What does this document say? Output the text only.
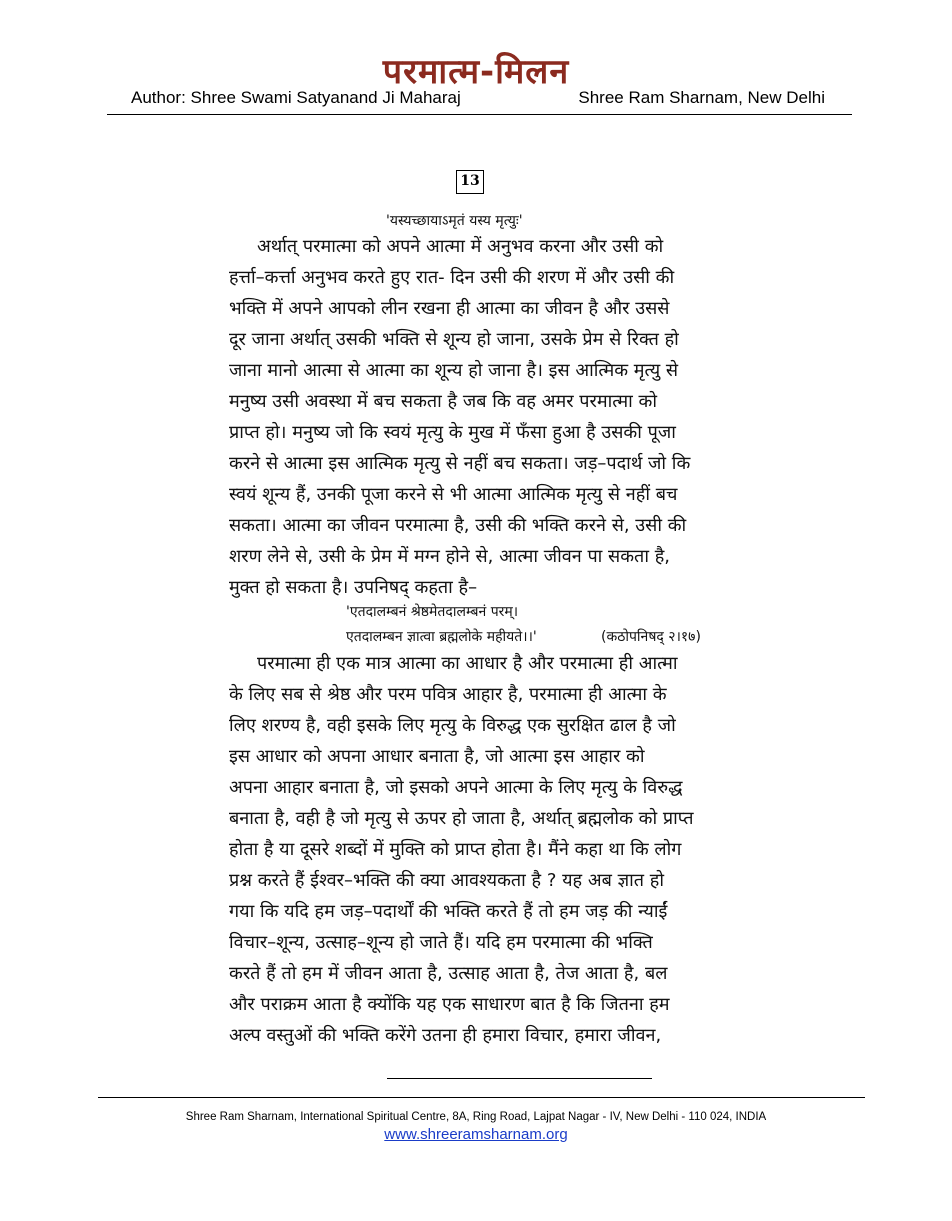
परमात्म-मिलन
Author: Shree Swami Satyanand Ji Maharaj	Shree Ram Sharnam, New Delhi
13
'यस्यच्छायाऽमृतं यस्य मृत्युः'
अर्थात् परमात्मा को अपने आत्मा में अनुभव करना और उसी को
हर्त्ता–कर्त्ता अनुभव करते हुए रात- दिन उसी की शरण में और उसी की
भक्ति में अपने आपको लीन रखना ही आत्मा का जीवन है और उससे
दूर जाना अर्थात् उसकी भक्ति से शून्य हो जाना, उसके प्रेम से रिक्त हो
जाना मानो आत्मा से आत्मा का शून्य हो जाना है। इस आत्मिक मृत्यु से
मनुष्य उसी अवस्था में बच सकता है जब कि वह अमर परमात्मा को
प्राप्त हो। मनुष्य जो कि स्वयं मृत्यु के मुख में फँसा हुआ है उसकी पूजा
करने से आत्मा इस आत्मिक मृत्यु से नहीं बच सकता। जड़–पदार्थ जो कि
स्वयं शून्य हैं, उनकी पूजा करने से भी आत्मा आत्मिक मृत्यु से नहीं बच
सकता। आत्मा का जीवन परमात्मा है, उसी की भक्ति करने से, उसी की
शरण लेने से, उसी के प्रेम में मग्न होने से, आत्मा जीवन पा सकता है,
मुक्त हो सकता है। उपनिषद् कहता है–
'एतदालम्बनं श्रेष्ठमेतदालम्बनं परम्।
एतदालम्बन ज्ञात्वा ब्रह्मलोके महीयते।।'	(कठोपनिषद् २।१७)
परमात्मा ही एक मात्र आत्मा का आधार है और परमात्मा ही आत्मा
के लिए सब से श्रेष्ठ और परम पवित्र आहार है, परमात्मा ही आत्मा के
लिए शरण्य है, वही इसके लिए मृत्यु के विरुद्ध एक सुरक्षित ढाल है जो
इस आधार को अपना आधार बनाता है, जो आत्मा इस आहार को
अपना आहार बनाता है, जो इसको अपने आत्मा के लिए मृत्यु के विरुद्ध
बनाता है, वही है जो मृत्यु से ऊपर हो जाता है, अर्थात् ब्रह्मलोक को प्राप्त
होता है या दूसरे शब्दों में मुक्ति को प्राप्त होता है। मैंने कहा था कि लोग
प्रश्न करते हैं ईश्वर–भक्ति की क्या आवश्यकता है ? यह अब ज्ञात हो
गया कि यदि हम जड़–पदार्थों की भक्ति करते हैं तो हम जड़ की न्याईं
विचार–शून्य, उत्साह–शून्य हो जाते हैं। यदि हम परमात्मा की भक्ति
करते हैं तो हम में जीवन आता है, उत्साह आता है, तेज आता है, बल
और पराक्रम आता है क्योंकि यह एक साधारण बात है कि जितना हम
अल्प वस्तुओं की भक्ति करेंगे उतना ही हमारा विचार, हमारा जीवन,
Shree Ram Sharnam, International Spiritual Centre, 8A, Ring Road, Lajpat Nagar - IV, New Delhi - 110 024, INDIA
www.shreeramsharnam.org
